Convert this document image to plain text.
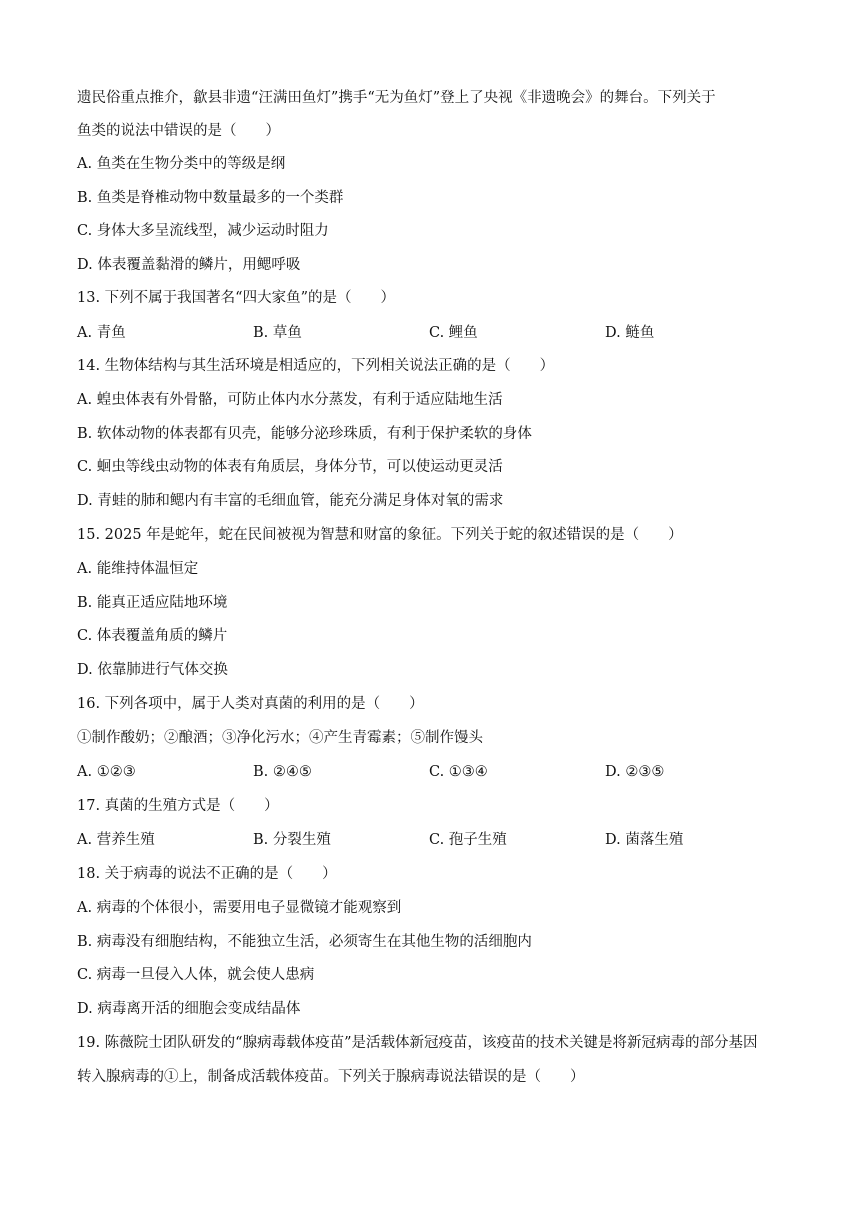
遗民俗重点推介，歙县非遗“汪满田鱼灯”携手“无为鱼灯”登上了央视《非遗晚会》的舞台。下列关于
鱼类的说法中错误的是（　　）
A. 鱼类在生物分类中的等级是纲
B. 鱼类是脊椎动物中数量最多的一个类群
C. 身体大多呈流线型，减少运动时阻力
D. 体表覆盖黏滑的鳞片，用鳃呼吸
13. 下列不属于我国著名“四大家鱼”的是（　　）
A. 青鱼	B. 草鱼	C. 鲤鱼	D. 鲢鱼
14. 生物体结构与其生活环境是相适应的，下列相关说法正确的是（　　）
A. 蝗虫体表有外骨骼，可防止体内水分蒸发，有利于适应陆地生活
B. 软体动物的体表都有贝壳，能够分泌珍珠质，有利于保护柔软的身体
C. 蛔虫等线虫动物的体表有角质层，身体分节，可以使运动更灵活
D. 青蛙的肺和鳃内有丰富的毛细血管，能充分满足身体对氧的需求
15. 2025 年是蛇年，蛇在民间被视为智慧和财富的象征。下列关于蛇的叙述错误的是（　　）
A. 能维持体温恒定
B. 能真正适应陆地环境
C. 体表覆盖角质的鳞片
D. 依靠肺进行气体交换
16. 下列各项中，属于人类对真菌的利用的是（　　）
①制作酸奶；②酿酒；③净化污水；④产生青霉素；⑤制作馒头
A. ①②③	B. ②④⑤	C. ①③④	D. ②③⑤
17. 真菌的生殖方式是（　　）
A. 营养生殖	B. 分裂生殖	C. 孢子生殖	D. 菌落生殖
18. 关于病毒的说法不正确的是（　　）
A. 病毒的个体很小，需要用电子显微镜才能观察到
B. 病毒没有细胞结构，不能独立生活，必须寄生在其他生物的活细胞内
C. 病毒一旦侵入人体，就会使人患病
D. 病毒离开活的细胞会变成结晶体
19. 陈薇院士团队研发的“腺病毒载体疫苗”是活载体新冠疫苗，该疫苗的技术关键是将新冠病毒的部分基因
转入腺病毒的①上，制备成活载体疫苗。下列关于腺病毒说法错误的是（　　）
